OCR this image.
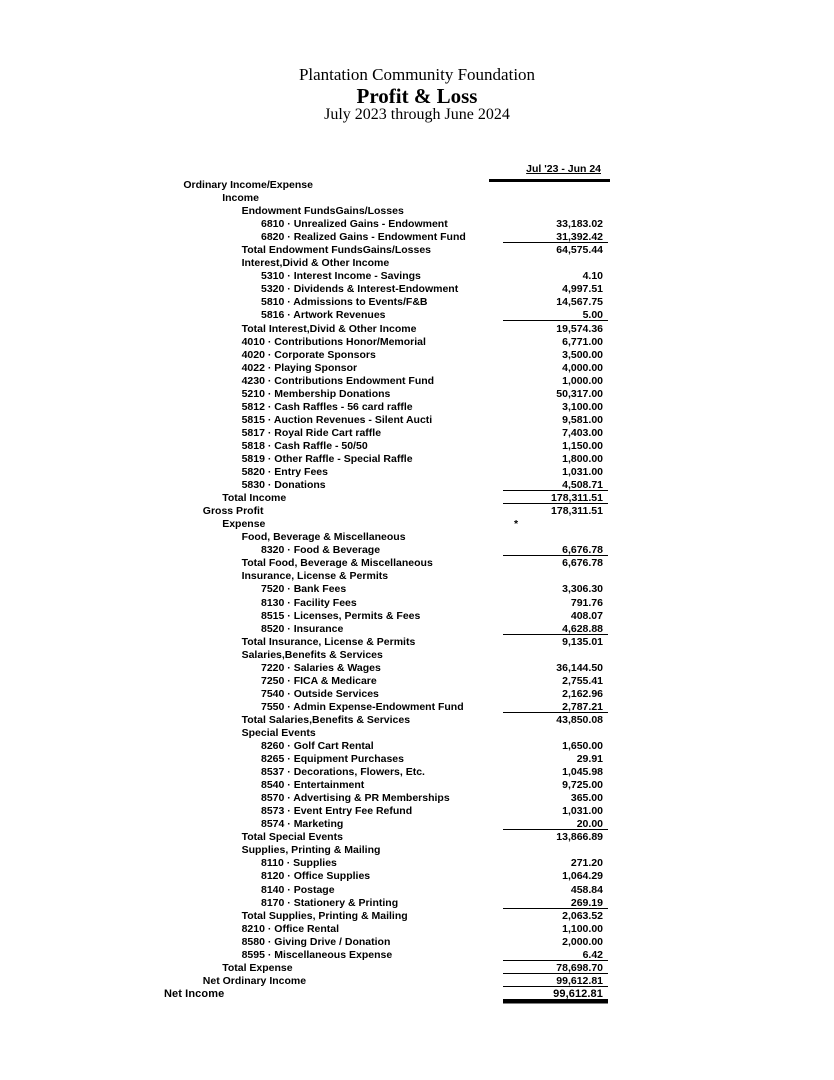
Plantation Community Foundation
Profit & Loss
July 2023 through June 2024
Jul '23 - Jun 24
Ordinary Income/Expense
Income
Endowment FundsGains/Losses
6810 · Unrealized Gains - Endowment	33,183.02
6820 · Realized Gains - Endowment Fund	31,392.42
Total Endowment FundsGains/Losses	64,575.44
Interest,Divid & Other Income
5310 · Interest Income - Savings	4.10
5320 · Dividends & Interest-Endowment	4,997.51
5810 · Admissions to Events/F&B	14,567.75
5816 · Artwork Revenues	5.00
Total Interest,Divid & Other Income	19,574.36
4010 · Contributions Honor/Memorial	6,771.00
4020 · Corporate Sponsors	3,500.00
4022 · Playing Sponsor	4,000.00
4230 · Contributions Endowment Fund	1,000.00
5210 · Membership Donations	50,317.00
5812 · Cash Raffles - 56 card raffle	3,100.00
5815 · Auction Revenues - Silent Aucti	9,581.00
5817 · Royal Ride Cart raffle	7,403.00
5818 · Cash Raffle - 50/50	1,150.00
5819 · Other Raffle - Special Raffle	1,800.00
5820 · Entry Fees	1,031.00
5830 · Donations	4,508.71
Total Income	178,311.51
Gross Profit	178,311.51
Expense	*
Food, Beverage & Miscellaneous
8320 · Food & Beverage	6,676.78
Total Food, Beverage & Miscellaneous	6,676.78
Insurance, License & Permits
7520 · Bank Fees	3,306.30
8130 · Facility Fees	791.76
8515 · Licenses, Permits & Fees	408.07
8520 · Insurance	4,628.88
Total Insurance, License & Permits	9,135.01
Salaries,Benefits & Services
7220 · Salaries & Wages	36,144.50
7250 · FICA & Medicare	2,755.41
7540 · Outside Services	2,162.96
7550 · Admin Expense-Endowment Fund	2,787.21
Total Salaries,Benefits & Services	43,850.08
Special Events
8260 · Golf Cart Rental	1,650.00
8265 · Equipment Purchases	29.91
8537 · Decorations, Flowers, Etc.	1,045.98
8540 · Entertainment	9,725.00
8570 · Advertising & PR Memberships	365.00
8573 · Event Entry Fee Refund	1,031.00
8574 · Marketing	20.00
Total Special Events	13,866.89
Supplies, Printing & Mailing
8110 · Supplies	271.20
8120 · Office Supplies	1,064.29
8140 · Postage	458.84
8170 · Stationery & Printing	269.19
Total Supplies, Printing & Mailing	2,063.52
8210 · Office Rental	1,100.00
8580 · Giving Drive / Donation	2,000.00
8595 · Miscellaneous Expense	6.42
Total Expense	78,698.70
Net Ordinary Income	99,612.81
Net Income	99,612.81
